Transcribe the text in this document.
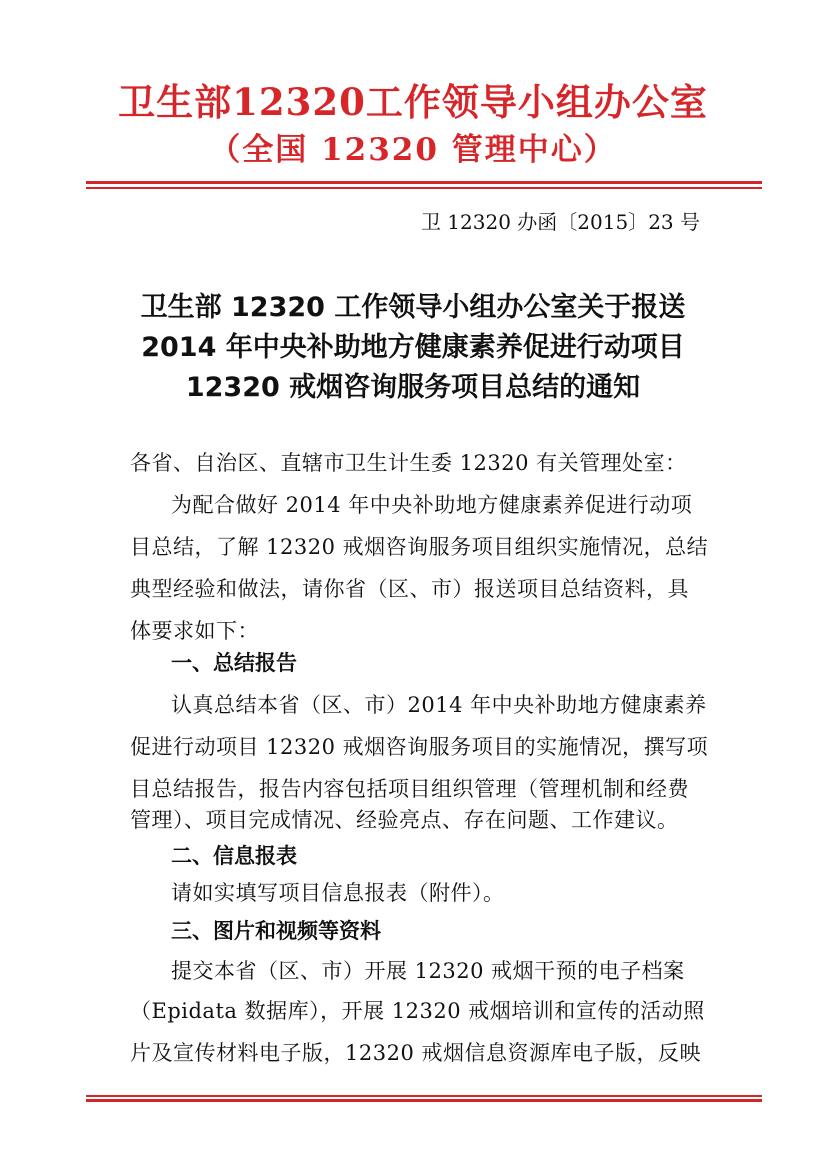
卫生部12320工作领导小组办公室
（全国 12320 管理中心）
卫 12320 办函〔2015〕23 号
卫生部 12320 工作领导小组办公室关于报送
2014 年中央补助地方健康素养促进行动项目
12320 戒烟咨询服务项目总结的通知
各省、自治区、直辖市卫生计生委 12320 有关管理处室：
为配合做好 2014 年中央补助地方健康素养促进行动项
目总结，了解 12320 戒烟咨询服务项目组织实施情况，总结
典型经验和做法，请你省（区、市）报送项目总结资料，具
体要求如下：
一、总结报告
认真总结本省（区、市）2014 年中央补助地方健康素养
促进行动项目 12320 戒烟咨询服务项目的实施情况，撰写项
目总结报告，报告内容包括项目组织管理（管理机制和经费
管理）、项目完成情况、经验亮点、存在问题、工作建议。
二、信息报表
请如实填写项目信息报表（附件）。
三、图片和视频等资料
提交本省（区、市）开展 12320 戒烟干预的电子档案
（Epidata 数据库），开展 12320 戒烟培训和宣传的活动照
片及宣传材料电子版，12320 戒烟信息资源库电子版，反映
